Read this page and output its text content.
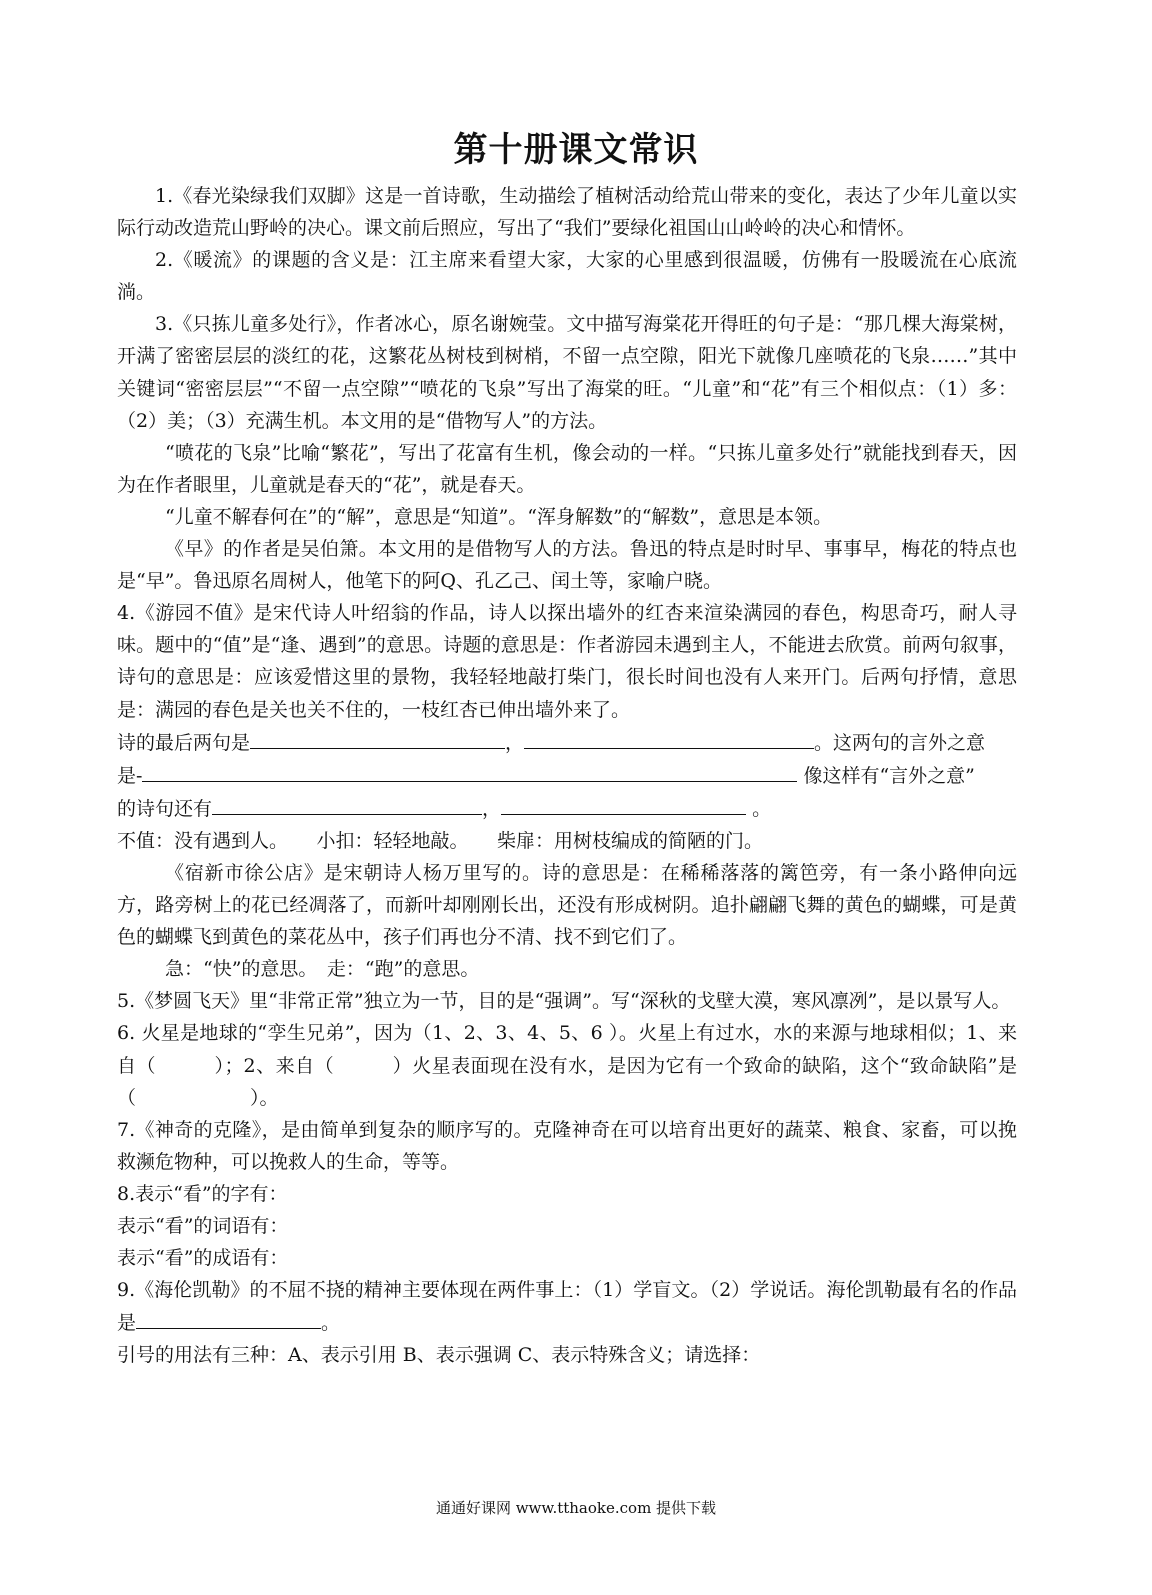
第十册课文常识

1.《春光染绿我们双脚》这是一首诗歌，生动描绘了植树活动给荒山带来的变化，表达了少年儿童以实际行动改造荒山野岭的决心。课文前后照应，写出了“我们”要绿化祖国山山岭岭的决心和情怀。

2.《暖流》的课题的含义是：江主席来看望大家，大家的心里感到很温暖，仿佛有一股暖流在心底流淌。

3.《只拣儿童多处行》，作者冰心，原名谢婉莹。文中描写海棠花开得旺的句子是：“那几棵大海棠树，开满了密密层层的淡红的花，这繁花丛树枝到树梢，不留一点空隙，阳光下就像几座喷花的飞泉……”其中关键词“密密层层”“不留一点空隙”“喷花的飞泉”写出了海棠的旺。“儿童”和“花”有三个相似点：（1）多：（2）美；（3）充满生机。本文用的是“借物写人”的方法。

“喷花的飞泉”比喻“繁花”，写出了花富有生机，像会动的一样。“只拣儿童多处行”就能找到春天，因为在作者眼里，儿童就是春天的“花”，就是春天。

“儿童不解春何在”的“解”，意思是“知道”。“浑身解数”的“解数”，意思是本领。

《早》的作者是吴伯箫。本文用的是借物写人的方法。鲁迅的特点是时时早、事事早，梅花的特点也是“早”。鲁迅原名周树人，他笔下的阿Q、孔乙己、闰土等，家喻户晓。

4.《游园不值》是宋代诗人叶绍翁的作品，诗人以探出墙外的红杏来渲染满园的春色，构思奇巧，耐人寻味。题中的“值”是“逢、遇到”的意思。诗题的意思是：作者游园未遇到主人，不能进去欣赏。前两句叙事，诗句的意思是：应该爱惜这里的景物，我轻轻地敲打柴门，很长时间也没有人来开门。后两句抒情，意思是：满园的春色是关也关不住的，一枝红杏已伸出墙外来了。

诗的最后两句是	，	。这两句的言外之意

是-	像这样有“言外之意”

的诗句还有	，	。

不值：没有遇到人。　　小扣：轻轻地敲。　　柴扉：用树枝编成的简陋的门。

《宿新市徐公店》是宋朝诗人杨万里写的。诗的意思是：在稀稀落落的篱笆旁，有一条小路伸向远方，路旁树上的花已经凋落了，而新叶却刚刚长出，还没有形成树阴。追扑翩翩飞舞的黄色的蝴蝶，可是黄色的蝴蝶飞到黄色的菜花丛中，孩子们再也分不清、找不到它们了。

急：“快”的意思。　走：“跑”的意思。

5.《梦圆飞天》里“非常正常”独立为一节，目的是“强调”。写“深秋的戈壁大漠，寒风凛冽”，是以景写人。

6. 火星是地球的“孪生兄弟”，因为（1、2、3、4、5、6 ）。火星上有过水，水的来源与地球相似；1、来自（　　　）；2、来自（　　　）火星表面现在没有水，是因为它有一个致命的缺陷，这个“致命缺陷”是（　　　　　　）。

7.《神奇的克隆》，是由简单到复杂的顺序写的。克隆神奇在可以培育出更好的蔬菜、粮食、家畜，可以挽救濒危物种，可以挽救人的生命，等等。

8.表示“看”的字有：

表示“看”的词语有：

表示“看”的成语有：

9.《海伦凯勒》的不屈不挠的精神主要体现在两件事上：（1）学盲文。（2）学说话。海伦凯勒最有名的作品是	。

引号的用法有三种：A、表示引用 B、表示强调 C、表示特殊含义；请选择：

通通好课网 www.tthaoke.com 提供下载
